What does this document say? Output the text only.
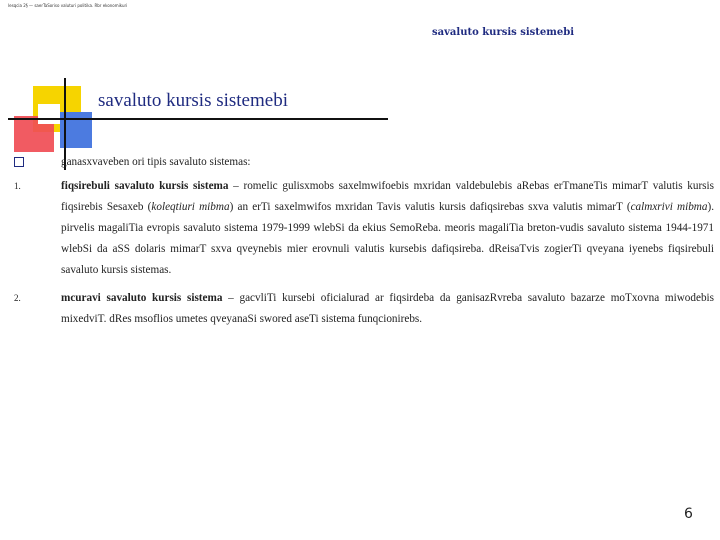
lesqcia 2§ — saerTaSoriso valuturi politika. Rbr ekonomikuri
savaluto kursis sistemebi
savaluto kursis sistemebi
ganasxvaveben ori tipis savaluto sistemas:
1.	fiqsirebuli savaluto kursis sistema – romelic gulisxmobs saxelmwifoebis mxridan valdebulebis aRebas erTmaneTis mimarT valutis kursis fiqsirebis Sesaxeb (koleqtiuri mibma) an erTi saxelmwifos mxridan Tavis valutis kursis dafiqsirebas sxva valutis mimarT (calmxrivi mibma). pirvelis magaliTia evropis savaluto sistema 1979-1999 wlebSi da ekius SemoReba. meoris magaliTia breton-vudis savaluto sistema 1944-1971 wlebSi da aSS dolaris mimarT sxva qveynebis mier erovnuli valutis kursebis dafiqsireba. dReisaTvis zogierTi qveyana iyenebs fiqsirebuli savaluto kursis sistemas.
2.	mcuravi savaluto kursis sistema – gacvliTi kursebi oficialurad ar fiqsirdeba da ganisazRvreba savaluto bazarze moTxovna miwodebis mixedviT. dRes msoflios umetes qveyanaSi swored aseTi sistema funqcionirebs.
6
